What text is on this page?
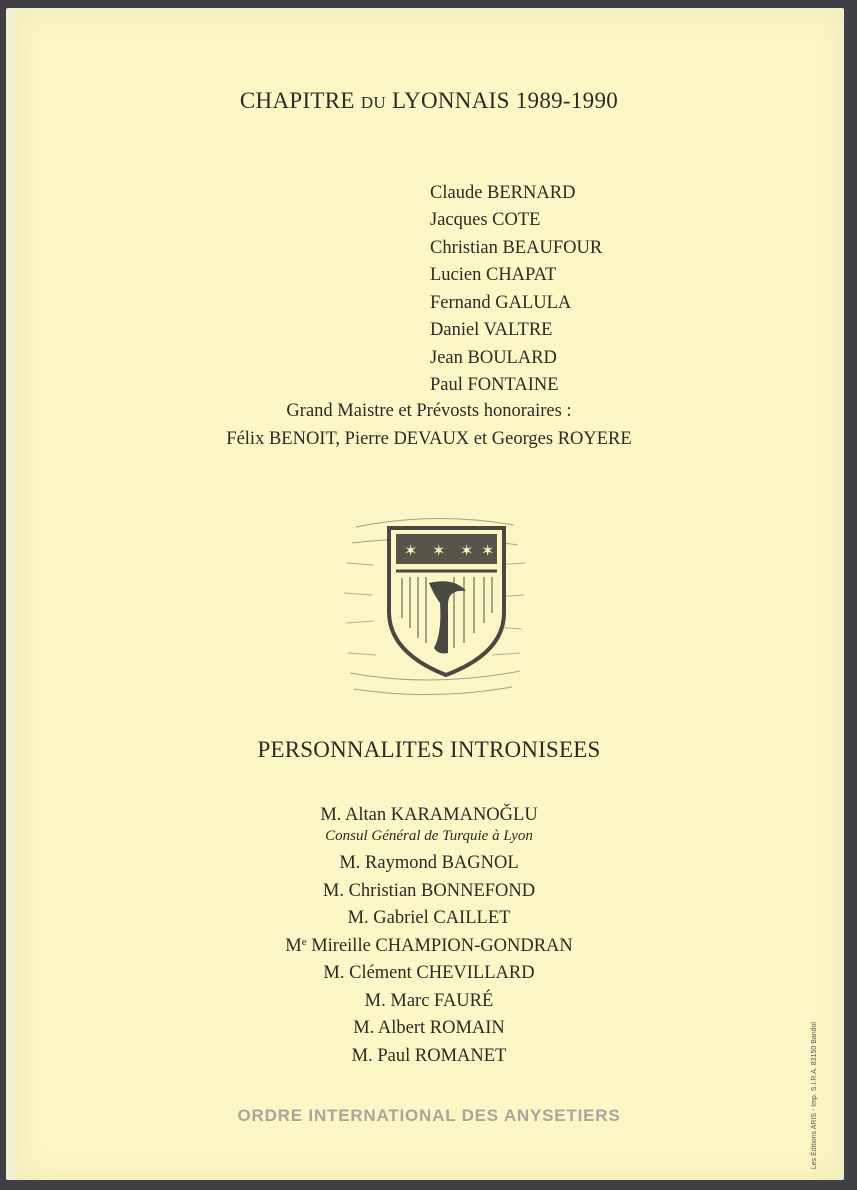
CHAPITRE DU LYONNAIS 1989-1990
Claude BERNARD
Jacques COTE
Christian BEAUFOUR
Lucien CHAPAT
Fernand GALULA
Daniel VALTRE
Jean BOULARD
Paul FONTAINE
Grand Maistre et Prévosts honoraires :
Félix BENOIT, Pierre DEVAUX et Georges ROYERE
✶ ✶ ✶ ✶
PERSONNALITES INTRONISEES
M. Altan KARAMANOǦLU
Consul Général de Turquie à Lyon
M. Raymond BAGNOL
M. Christian BONNEFOND
M. Gabriel CAILLET
Me Mireille CHAMPION-GONDRAN
M. Clément CHEVILLARD
M. Marc FAURÉ
M. Albert ROMAIN
M. Paul ROMANET
ORDRE INTERNATIONAL DES ANYSETIERS	Les Éditions ARIS - Imp. S.I.R.A. 83150 Bandol
